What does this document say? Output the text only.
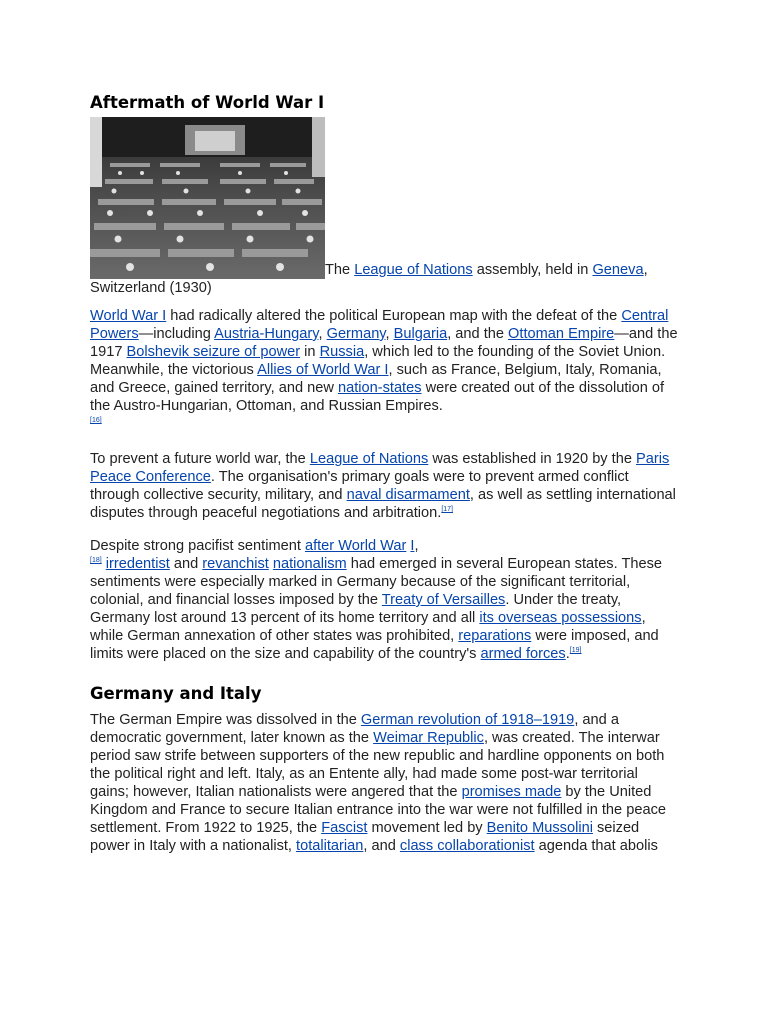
Aftermath of World War I

The League of Nations assembly, held in Geneva, Switzerland (1930)

World War I had radically altered the political European map with the defeat of the Central Powers—including Austria-Hungary, Germany, Bulgaria, and the Ottoman Empire—and the 1917 Bolshevik seizure of power in Russia, which led to the founding of the Soviet Union. Meanwhile, the victorious Allies of World War I, such as France, Belgium, Italy, Romania, and Greece, gained territory, and new nation-states were created out of the dissolution of the Austro-Hungarian, Ottoman, and Russian Empires.
[16]

To prevent a future world war, the League of Nations was established in 1920 by the Paris Peace Conference. The organisation's primary goals were to prevent armed conflict through collective security, military, and naval disarmament, as well as settling international disputes through peaceful negotiations and arbitration.[17]

Despite strong pacifist sentiment after World War I,
[18] irredentist and revanchist nationalism had emerged in several European states. These sentiments were especially marked in Germany because of the significant territorial, colonial, and financial losses imposed by the Treaty of Versailles. Under the treaty, Germany lost around 13 percent of its home territory and all its overseas possessions, while German annexation of other states was prohibited, reparations were imposed, and limits were placed on the size and capability of the country's armed forces.[19]

Germany and Italy

The German Empire was dissolved in the German revolution of 1918–1919, and a democratic government, later known as the Weimar Republic, was created. The interwar period saw strife between supporters of the new republic and hardline opponents on both the political right and left. Italy, as an Entente ally, had made some post-war territorial gains; however, Italian nationalists were angered that the promises made by the United Kingdom and France to secure Italian entrance into the war were not fulfilled in the peace settlement. From 1922 to 1925, the Fascist movement led by Benito Mussolini seized power in Italy with a nationalist, totalitarian, and class collaborationist agenda that abolis
